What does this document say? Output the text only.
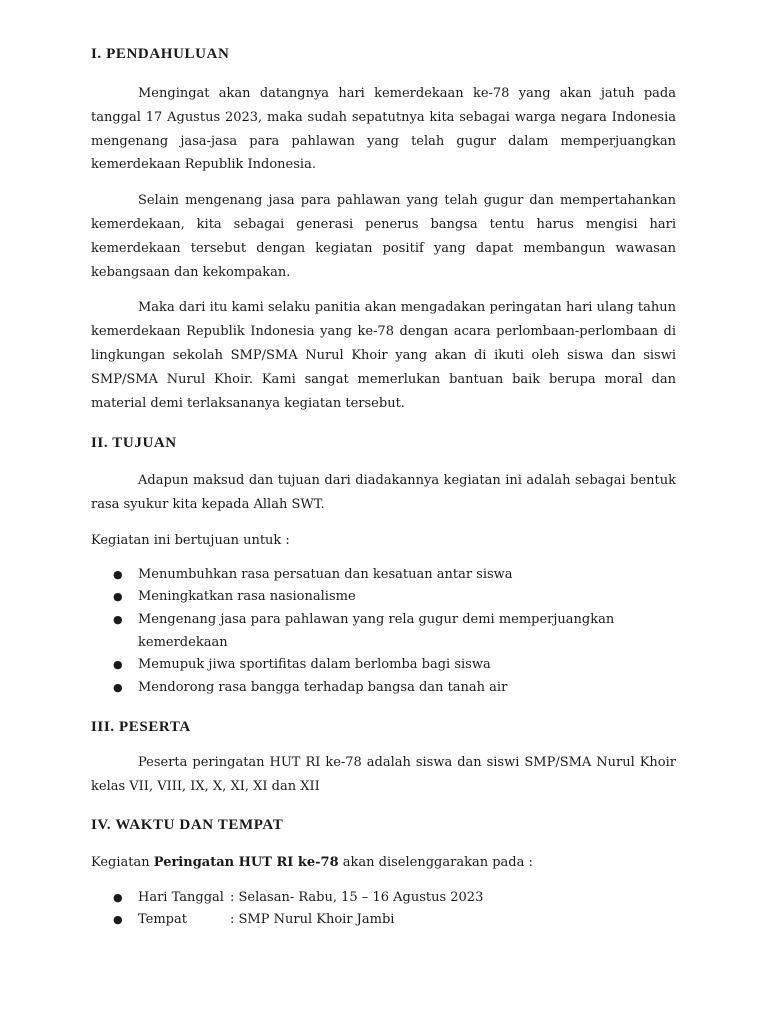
I. PENDAHULUAN

Mengingat akan datangnya hari kemerdekaan ke-78 yang akan jatuh pada tanggal 17 Agustus 2023, maka sudah sepatutnya kita sebagai warga negara Indonesia mengenang jasa-jasa para pahlawan yang telah gugur dalam memperjuangkan kemerdekaan Republik Indonesia.

Selain mengenang jasa para pahlawan yang telah gugur dan mempertahankan kemerdekaan, kita sebagai generasi penerus bangsa tentu harus mengisi hari kemerdekaan tersebut dengan kegiatan positif yang dapat membangun wawasan kebangsaan dan kekompakan.

Maka dari itu kami selaku panitia akan mengadakan peringatan hari ulang tahun kemerdekaan Republik Indonesia yang ke-78 dengan acara perlombaan-perlombaan di lingkungan sekolah SMP/SMA Nurul Khoir yang akan di ikuti oleh siswa dan siswi SMP/SMA Nurul Khoir. Kami sangat memerlukan bantuan baik berupa moral dan material demi terlaksananya kegiatan tersebut.

II. TUJUAN

Adapun maksud dan tujuan dari diadakannya kegiatan ini adalah sebagai bentuk rasa syukur kita kepada Allah SWT.

Kegiatan ini bertujuan untuk :

● Menumbuhkan rasa persatuan dan kesatuan antar siswa
● Meningkatkan rasa nasionalisme
● Mengenang jasa para pahlawan yang rela gugur demi memperjuangkan kemerdekaan
● Memupuk jiwa sportifitas dalam berlomba bagi siswa
● Mendorong rasa bangga terhadap bangsa dan tanah air
III. PESERTA

Peserta peringatan HUT RI ke-78 adalah siswa dan siswi SMP/SMA Nurul Khoir kelas VII, VIII, IX, X, XI, XI dan XII

IV. WAKTU DAN TEMPAT

Kegiatan Peringatan HUT RI ke-78 akan diselenggarakan pada :

● Hari Tanggal : Selasan- Rabu, 15 – 16 Agustus 2023
● Tempat	: SMP Nurul Khoir Jambi
